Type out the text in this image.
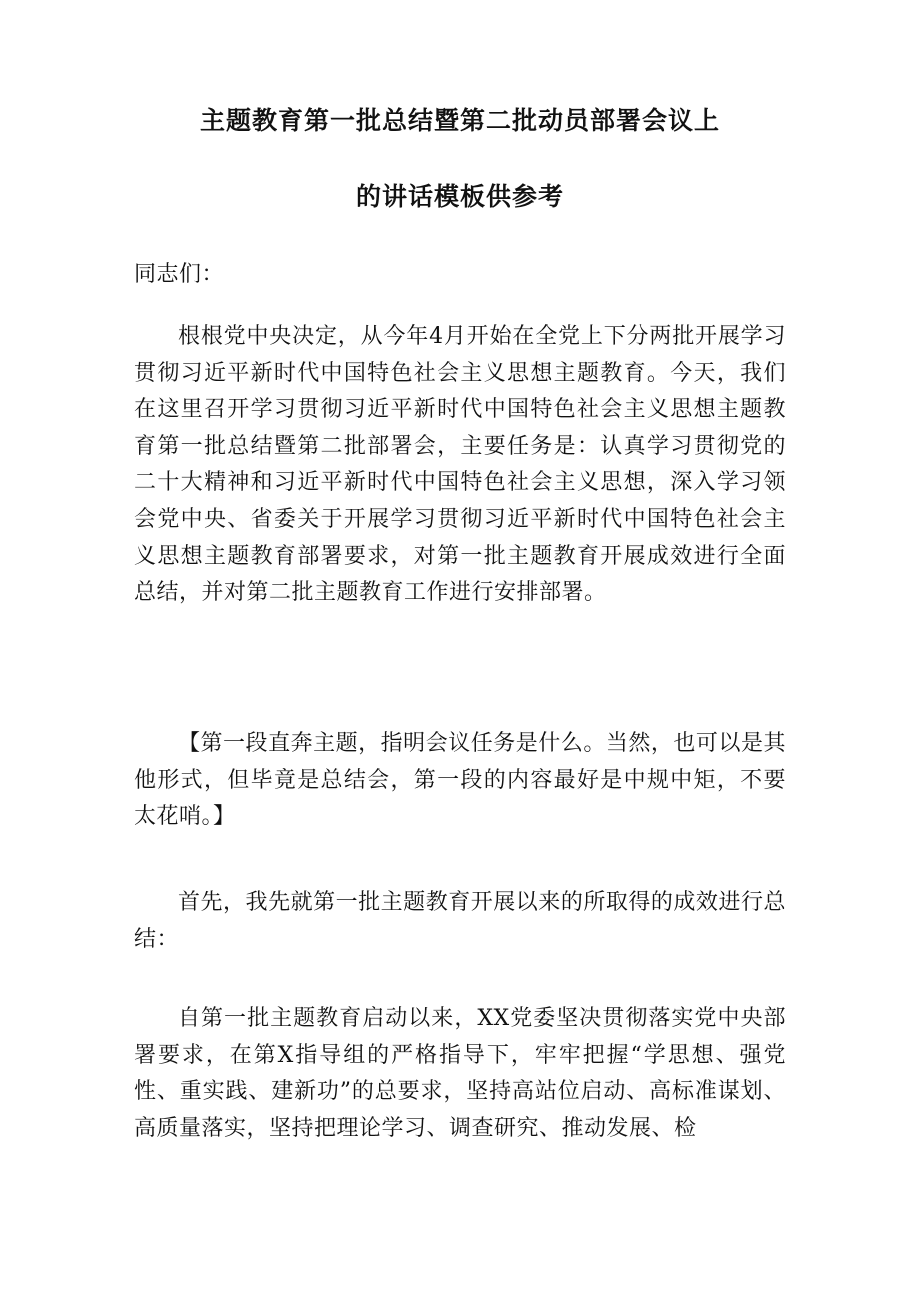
主题教育第一批总结暨第二批动员部署会议上
的讲话模板供参考
同志们：
根根党中央决定，从今年4月开始在全党上下分两批开展学习贯彻习近平新时代中国特色社会主义思想主题教育。今天，我们在这里召开学习贯彻习近平新时代中国特色社会主义思想主题教育第一批总结暨第二批部署会，主要任务是：认真学习贯彻党的二十大精神和习近平新时代中国特色社会主义思想，深入学习领会党中央、省委关于开展学习贯彻习近平新时代中国特色社会主义思想主题教育部署要求，对第一批主题教育开展成效进行全面总结，并对第二批主题教育工作进行安排部署。
【第一段直奔主题，指明会议任务是什么。当然，也可以是其他形式，但毕竟是总结会，第一段的内容最好是中规中矩，不要太花哨。】
首先，我先就第一批主题教育开展以来的所取得的成效进行总结：
自第一批主题教育启动以来，XX党委坚决贯彻落实党中央部署要求，在第X指导组的严格指导下，牢牢把握“学思想、强党性、重实践、建新功”的总要求，坚持高站位启动、高标准谋划、高质量落实，坚持把理论学习、调查研究、推动发展、检
